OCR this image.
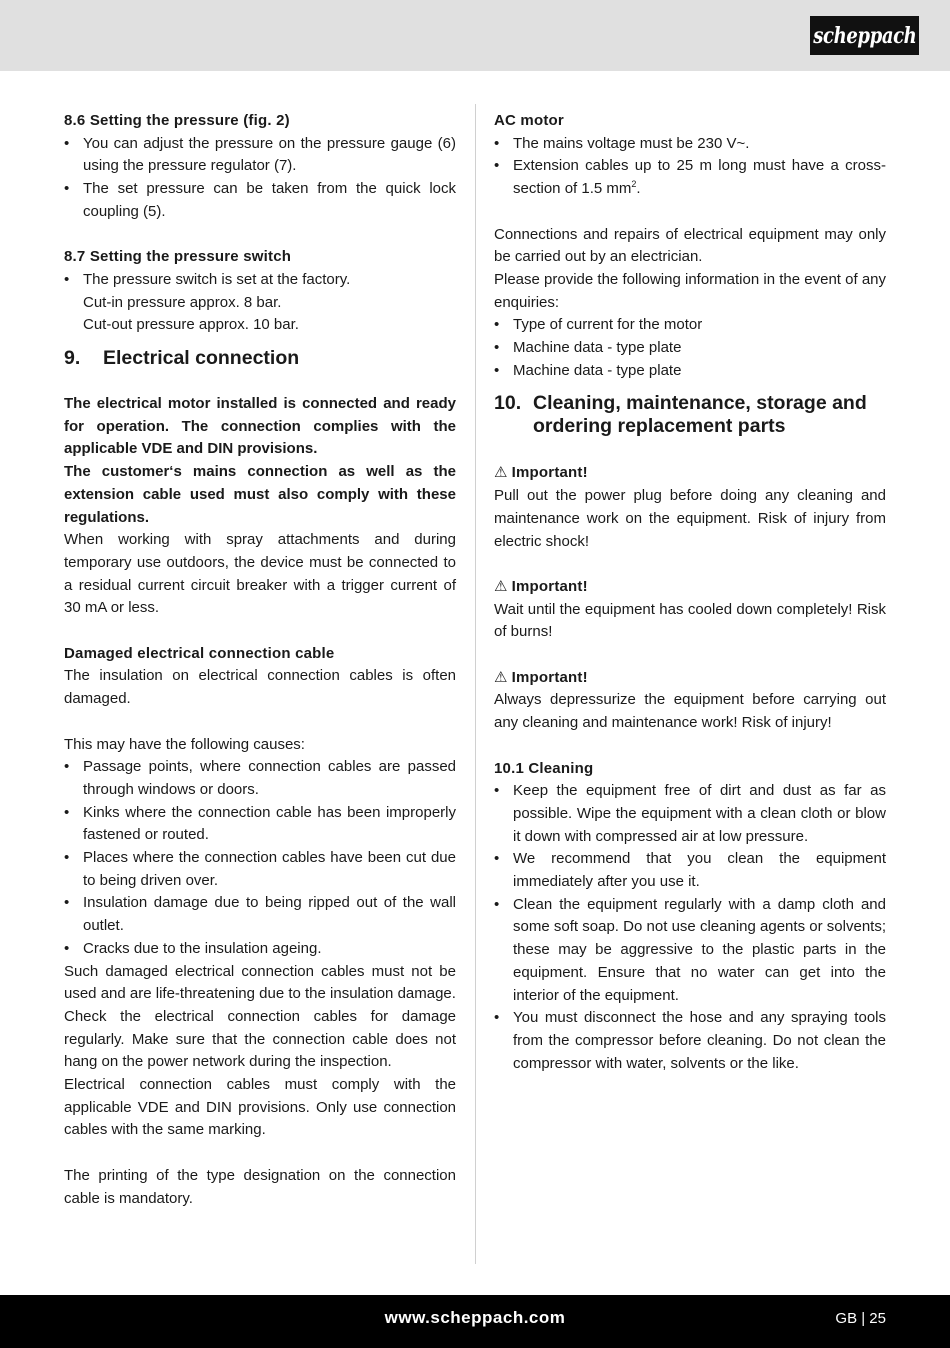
scheppach
8.6 Setting the pressure (fig. 2)
• You can adjust the pressure on the pressure gauge (6) using the pressure regulator (7).
• The set pressure can be taken from the quick lock coupling (5).
8.7 Setting the pressure switch
• The pressure switch is set at the factory.
Cut-in pressure approx. 8 bar.
Cut-out pressure approx. 10 bar.
9.	Electrical connection

The electrical motor installed is connected and ready for operation. The connection complies with the applicable VDE and DIN provisions.

The customer‘s mains connection as well as the extension cable used must also comply with these regulations.

When working with spray attachments and during temporary use outdoors, the device must be connected to a residual current circuit breaker with a trigger current of 30 mA or less.

Damaged electrical connection cable

The insulation on electrical connection cables is often damaged.

This may have the following causes:

• Passage points, where connection cables are passed through windows or doors.
• Kinks where the connection cable has been improperly fastened or routed.
• Places where the connection cables have been cut due to being driven over.
• Insulation damage due to being ripped out of the wall outlet.
• Cracks due to the insulation ageing.

Such damaged electrical connection cables must not be used and are life-threatening due to the insulation damage.

Check the electrical connection cables for damage regularly. Make sure that the connection cable does not hang on the power network during the inspection.

Electrical connection cables must comply with the applicable VDE and DIN provisions. Only use connection cables with the same marking.

The printing of the type designation on the connection cable is mandatory.

AC motor
• The mains voltage must be 230 V~.
• Extension cables up to 25 m long must have a cross-section of 1.5 $mm^2$.

Connections and repairs of electrical equipment may only be carried out by an electrician.

Please provide the following information in the event of any enquiries:

• Type of current for the motor
• Machine data - type plate
• Machine data - type plate
10. Cleaning, maintenance, storage and ordering replacement parts
⚠ Important!

Pull out the power plug before doing any cleaning and maintenance work on the equipment. Risk of injury from electric shock!

⚠ Important!

Wait until the equipment has cooled down completely! Risk of burns!

⚠ Important!

Always depressurize the equipment before carrying out any cleaning and maintenance work! Risk of injury!

10.1 Cleaning
• Keep the equipment free of dirt and dust as far as possible. Wipe the equipment with a clean cloth or blow it down with compressed air at low pressure.
• We recommend that you clean the equipment immediately after you use it.
• Clean the equipment regularly with a damp cloth and some soft soap. Do not use cleaning agents or solvents; these may be aggressive to the plastic parts in the equipment. Ensure that no water can get into the interior of the equipment.
• You must disconnect the hose and any spraying tools from the compressor before cleaning. Do not clean the compressor with water, solvents or the like.
www.scheppach.com	GB | 25
